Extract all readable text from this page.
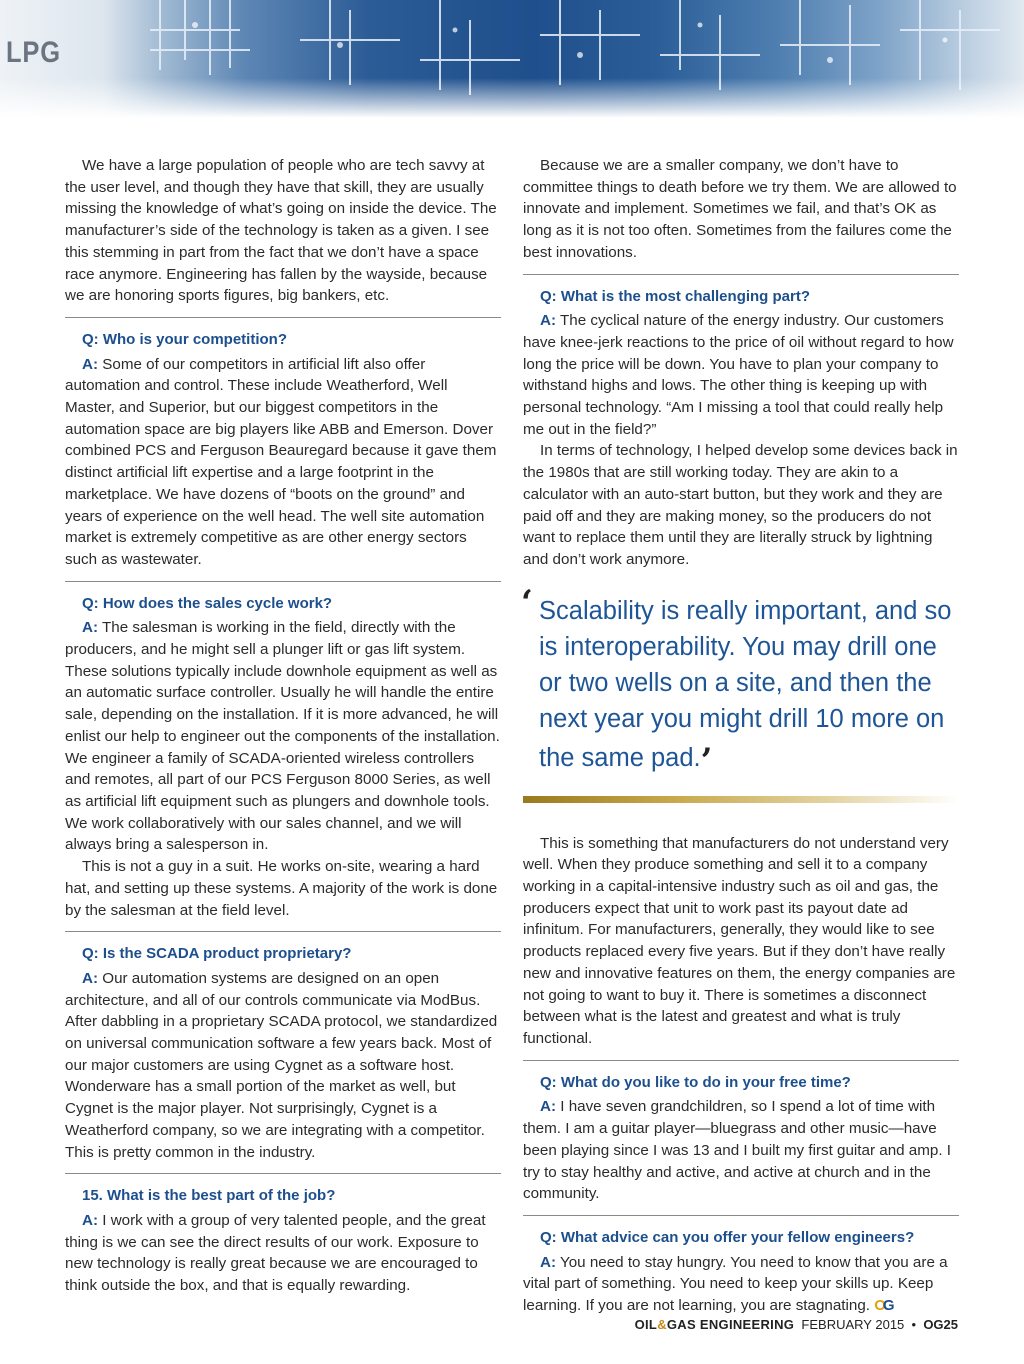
LPG

We have a large population of people who are tech savvy at the user level, and though they have that skill, they are usually missing the knowledge of what’s going on inside the device. The manufacturer’s side of the technology is taken as a given. I see this stemming in part from the fact that we don’t have a space race anymore. Engineering has fallen by the wayside, because we are honoring sports figures, big bankers, etc.

Q: Who is your competition?

A: Some of our competitors in artificial lift also offer automation and control. These include Weatherford, Well Master, and Superior, but our biggest competitors in the automation space are big players like ABB and Emerson. Dover combined PCS and Ferguson Beauregard because it gave them distinct artificial lift expertise and a large footprint in the marketplace. We have dozens of “boots on the ground” and years of experience on the well head. The well site automation market is extremely competitive as are other energy sectors such as wastewater.

Q: How does the sales cycle work?

A: The salesman is working in the field, directly with the producers, and he might sell a plunger lift or gas lift system. These solutions typically include downhole equipment as well as an automatic surface controller. Usually he will handle the entire sale, depending on the installation. If it is more advanced, he will enlist our help to engineer out the components of the installation. We engineer a family of SCADA-oriented wireless controllers and remotes, all part of our PCS Ferguson 8000 Series, as well as artificial lift equipment such as plungers and downhole tools. We work collaboratively with our sales channel, and we will always bring a salesperson in.

This is not a guy in a suit. He works on-site, wearing a hard hat, and setting up these systems. A majority of the work is done by the salesman at the field level.

Q: Is the SCADA product proprietary?

A: Our automation systems are designed on an open architecture, and all of our controls communicate via ModBus. After dabbling in a proprietary SCADA protocol, we standardized on universal communication software a few years back. Most of our major customers are using Cygnet as a software host. Wonderware has a small portion of the market as well, but Cygnet is the major player. Not surprisingly, Cygnet is a Weatherford company, so we are integrating with a competitor. This is pretty common in the industry.

15. What is the best part of the job?

A: I work with a group of very talented people, and the great thing is we can see the direct results of our work. Exposure to new technology is really great because we are encouraged to think outside the box, and that is equally rewarding.

Because we are a smaller company, we don’t have to committee things to death before we try them. We are allowed to innovate and implement. Sometimes we fail, and that’s OK as long as it is not too often. Sometimes from the failures come the best innovations.

Q: What is the most challenging part?

A: The cyclical nature of the energy industry. Our customers have knee-jerk reactions to the price of oil without regard to how long the price will be down. You have to plan your company to withstand highs and lows. The other thing is keeping up with personal technology. “Am I missing a tool that could really help me out in the field?”

In terms of technology, I helped develop some devices back in the 1980s that are still working today. They are akin to a calculator with an auto-start button, but they work and they are paid off and they are making money, so the producers do not want to replace them until they are literally struck by lightning and don’t work anymore.

‘ Scalability is really important, and so is interoperability. You may drill one or two wells on a site, and then the next year you might drill 10 more on the same pad.’

This is something that manufacturers do not understand very well. When they produce something and sell it to a company working in a capital-intensive industry such as oil and gas, the producers expect that unit to work past its payout date ad infinitum. For manufacturers, generally, they would like to see products replaced every five years. But if they don’t have really new and innovative features on them, the energy companies are not going to want to buy it. There is sometimes a disconnect between what is the latest and greatest and what is truly functional.

Q: What do you like to do in your free time?

A: I have seven grandchildren, so I spend a lot of time with them. I am a guitar player—bluegrass and other music—have been playing since I was 13 and I built my first guitar and amp. I try to stay healthy and active, and active at church and in the community.

Q: What advice can you offer your fellow engineers?

A: You need to stay hungry. You need to know that you are a vital part of something. You need to keep your skills up. Keep learning. If you are not learning, you are stagnating. OG

OIL&GAS ENGINEERING FEBRUARY 2015 • OG25
